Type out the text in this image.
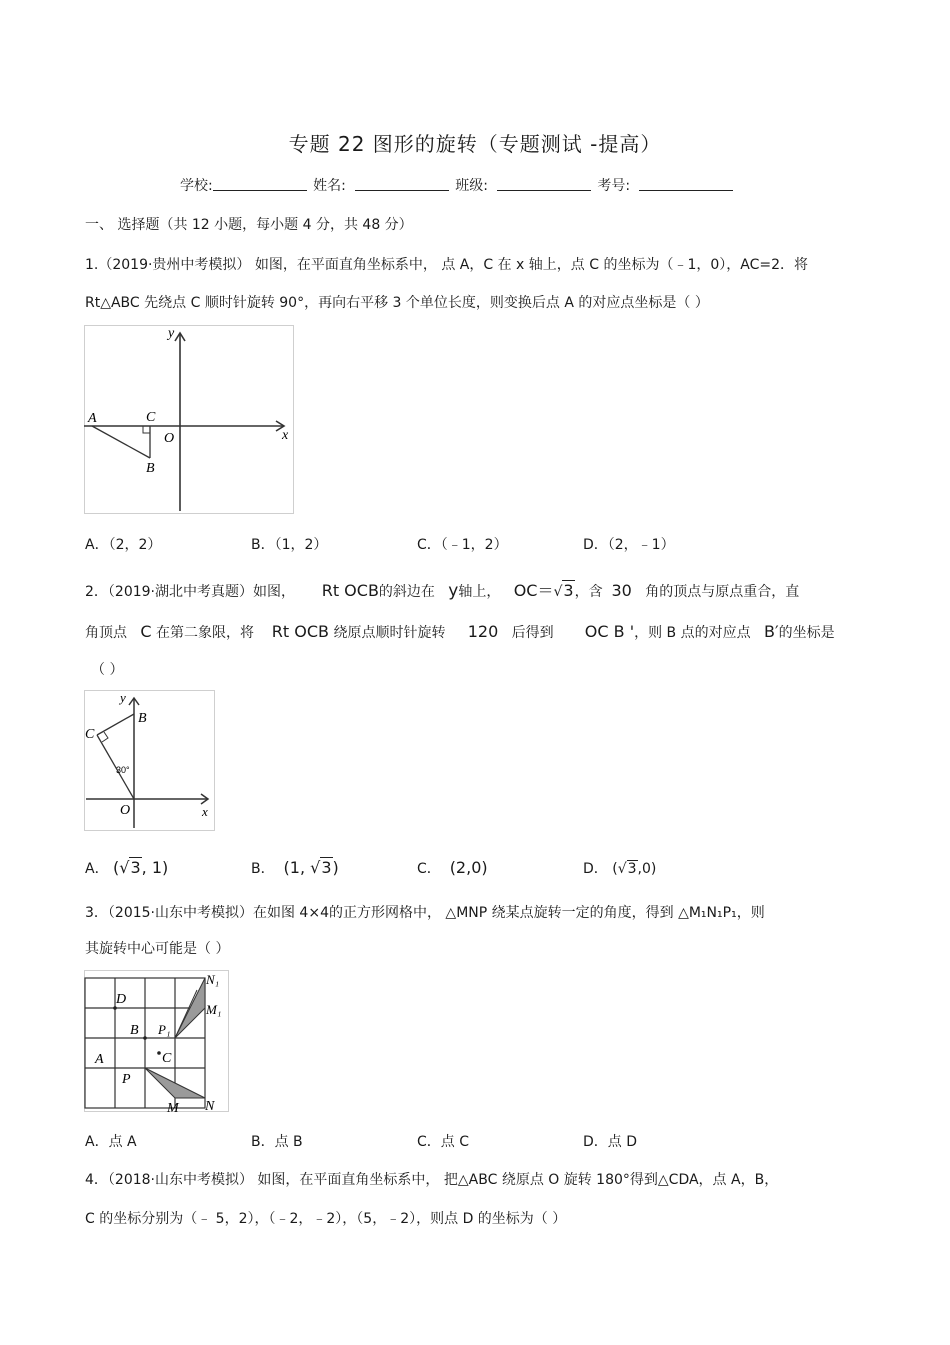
专题 22 图形的旋转（专题测试 -提高）
学校:	姓名:	班级:	考号:
一、 选择题（共 12 小题，每小题 4 分，共 48 分）
1.（2019·贵州中考模拟） 如图，在平面直角坐标系中， 点 A，C 在 x 轴上，点 C 的坐标为（﹣1，0），AC=2．将
Rt△ABC 先绕点 C 顺时针旋转 90°，再向右平移 3 个单位长度，则变换后点 A 的对应点坐标是（ ）
y
x
A	C
O
B
A．（2，2）	B．（1，2）	C．（﹣1，2）	D．（2，﹣1）
2．（2019·湖北中考真题）如图， Rt OCB的斜边在 y轴上， OC＝√3，含 30 角的顶点与原点重合，直
角顶点 C 在第二象限，将 Rt OCB 绕原点顺时针旋转 120 后得到 OC B '，则 B 点的对应点 B′的坐标是
（ ）
y
x
B
C
O
30°
A． (√3, 1)	B． (1, √3)	C． (2,0)	D． (√3,0)
3．（2015·山东中考模拟）在如图 4×4的正方形网格中， △MNP 绕某点旋转一定的角度，得到 △M₁N₁P₁，则
其旋转中心可能是（ ）
D
B
A	C
P
P₁
M N
M₁
N₁
A．点 A	B．点 B	C．点 C	D．点 D
4．（2018·山东中考模拟） 如图，在平面直角坐标系中， 把△ABC 绕原点 O 旋转 180°得到△CDA，点 A，B，
C 的坐标分别为（﹣ 5，2），（﹣2，﹣2），（5，﹣2），则点 D 的坐标为（ ）
